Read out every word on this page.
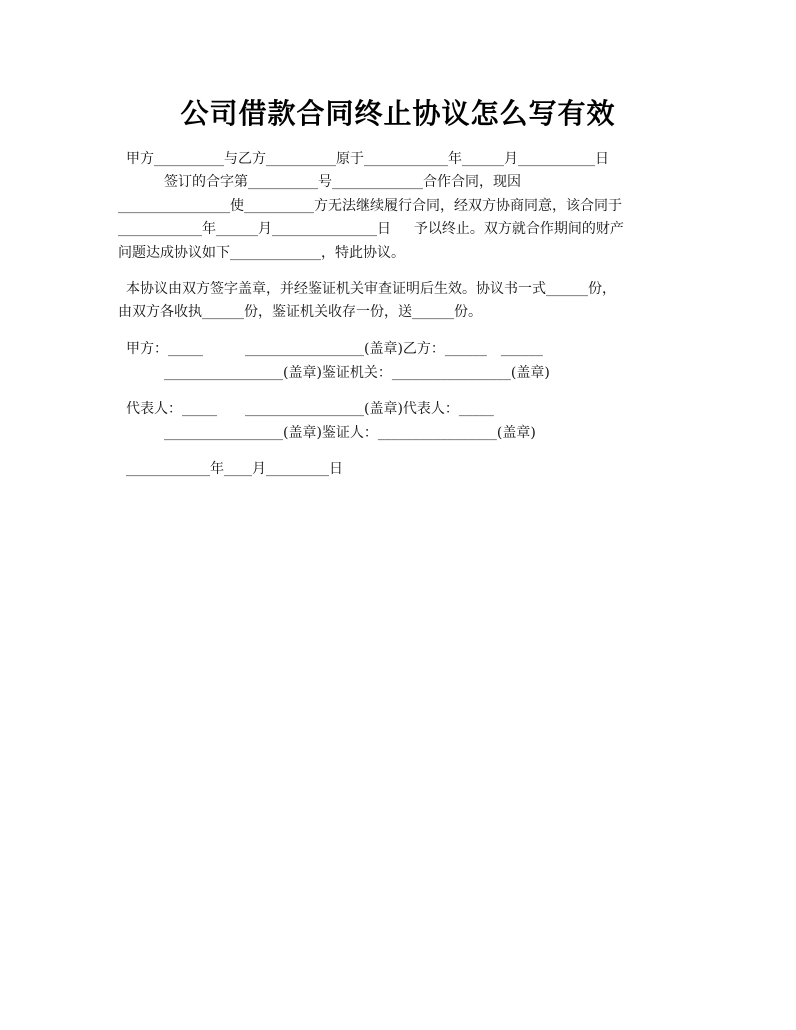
公司借款合同终止协议怎么写有效
甲方__________与乙方__________原于____________年______月___________日
签订的合字第__________号_____________合作合同，现因
________________使__________方无法继续履行合同，经双方协商同意，该合同于
____________年______月_______________日　  予以终止。双方就合作期间的财产
问题达成协议如下_____________，特此协议。
本协议由双方签字盖章，并经鉴证机关审查证明后生效。协议书一式______份，
由双方各收执______份，鉴证机关收存一份，送______份。
甲方：_____　　　_________________(盖章)乙方：______　______
_________________(盖章)鉴证机关：_________________(盖章)
代表人：_____　　_________________(盖章)代表人：_____
_________________(盖章)鉴证人：_________________(盖章)
____________年____月_________日
